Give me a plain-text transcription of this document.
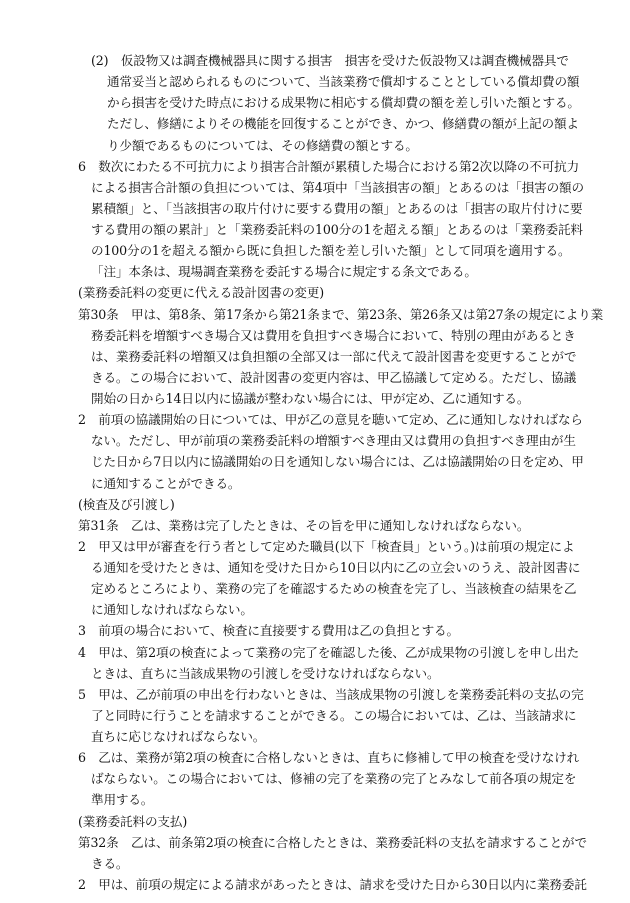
(2)　仮設物又は調査機械器具に関する損害　損害を受けた仮設物又は調査機械器具で
通常妥当と認められるものについて、当該業務で償却することとしている償却費の額
から損害を受けた時点における成果物に相応する償却費の額を差し引いた額とする。
ただし、修繕によりその機能を回復することができ、かつ、修繕費の額が上記の額よ
り少額であるものについては、その修繕費の額とする。
6　数次にわたる不可抗力により損害合計額が累積した場合における第2次以降の不可抗力
による損害合計額の負担については、第4項中「当該損害の額」とあるのは「損害の額の
累積額」と、「当該損害の取片付けに要する費用の額」とあるのは「損害の取片付けに要
する費用の額の累計」と「業務委託料の100分の1を超える額」とあるのは「業務委託料
の100分の1を超える額から既に負担した額を差し引いた額」として同項を適用する。
「注」本条は、現場調査業務を委託する場合に規定する条文である。
(業務委託料の変更に代える設計図書の変更)
第30条　甲は、第8条、第17条から第21条まで、第23条、第26条又は第27条の規定により業
務委託料を増額すべき場合又は費用を負担すべき場合において、特別の理由があるとき
は、業務委託料の増額又は負担額の全部又は一部に代えて設計図書を変更することがで
きる。この場合において、設計図書の変更内容は、甲乙協議して定める。ただし、協議
開始の日から14日以内に協議が整わない場合には、甲が定め、乙に通知する。
2　前項の協議開始の日については、甲が乙の意見を聴いて定め、乙に通知しなければなら
ない。ただし、甲が前項の業務委託料の増額すべき理由又は費用の負担すべき理由が生
じた日から7日以内に協議開始の日を通知しない場合には、乙は協議開始の日を定め、甲
に通知することができる。
(検査及び引渡し)
第31条　乙は、業務は完了したときは、その旨を甲に通知しなければならない。
2　甲又は甲が審査を行う者として定めた職員(以下「検査員」という。)は前項の規定によ
る通知を受けたときは、通知を受けた日から10日以内に乙の立会いのうえ、設計図書に
定めるところにより、業務の完了を確認するための検査を完了し、当該検査の結果を乙
に通知しなければならない。
3　前項の場合において、検査に直接要する費用は乙の負担とする。
4　甲は、第2項の検査によって業務の完了を確認した後、乙が成果物の引渡しを申し出た
ときは、直ちに当該成果物の引渡しを受けなければならない。
5　甲は、乙が前項の申出を行わないときは、当該成果物の引渡しを業務委託料の支払の完
了と同時に行うことを請求することができる。この場合においては、乙は、当該請求に
直ちに応じなければならない。
6　乙は、業務が第2項の検査に合格しないときは、直ちに修補して甲の検査を受けなけれ
ばならない。この場合においては、修補の完了を業務の完了とみなして前各項の規定を
準用する。
(業務委託料の支払)
第32条　乙は、前条第2項の検査に合格したときは、業務委託料の支払を請求することがで
きる。
2　甲は、前項の規定による請求があったときは、請求を受けた日から30日以内に業務委託
